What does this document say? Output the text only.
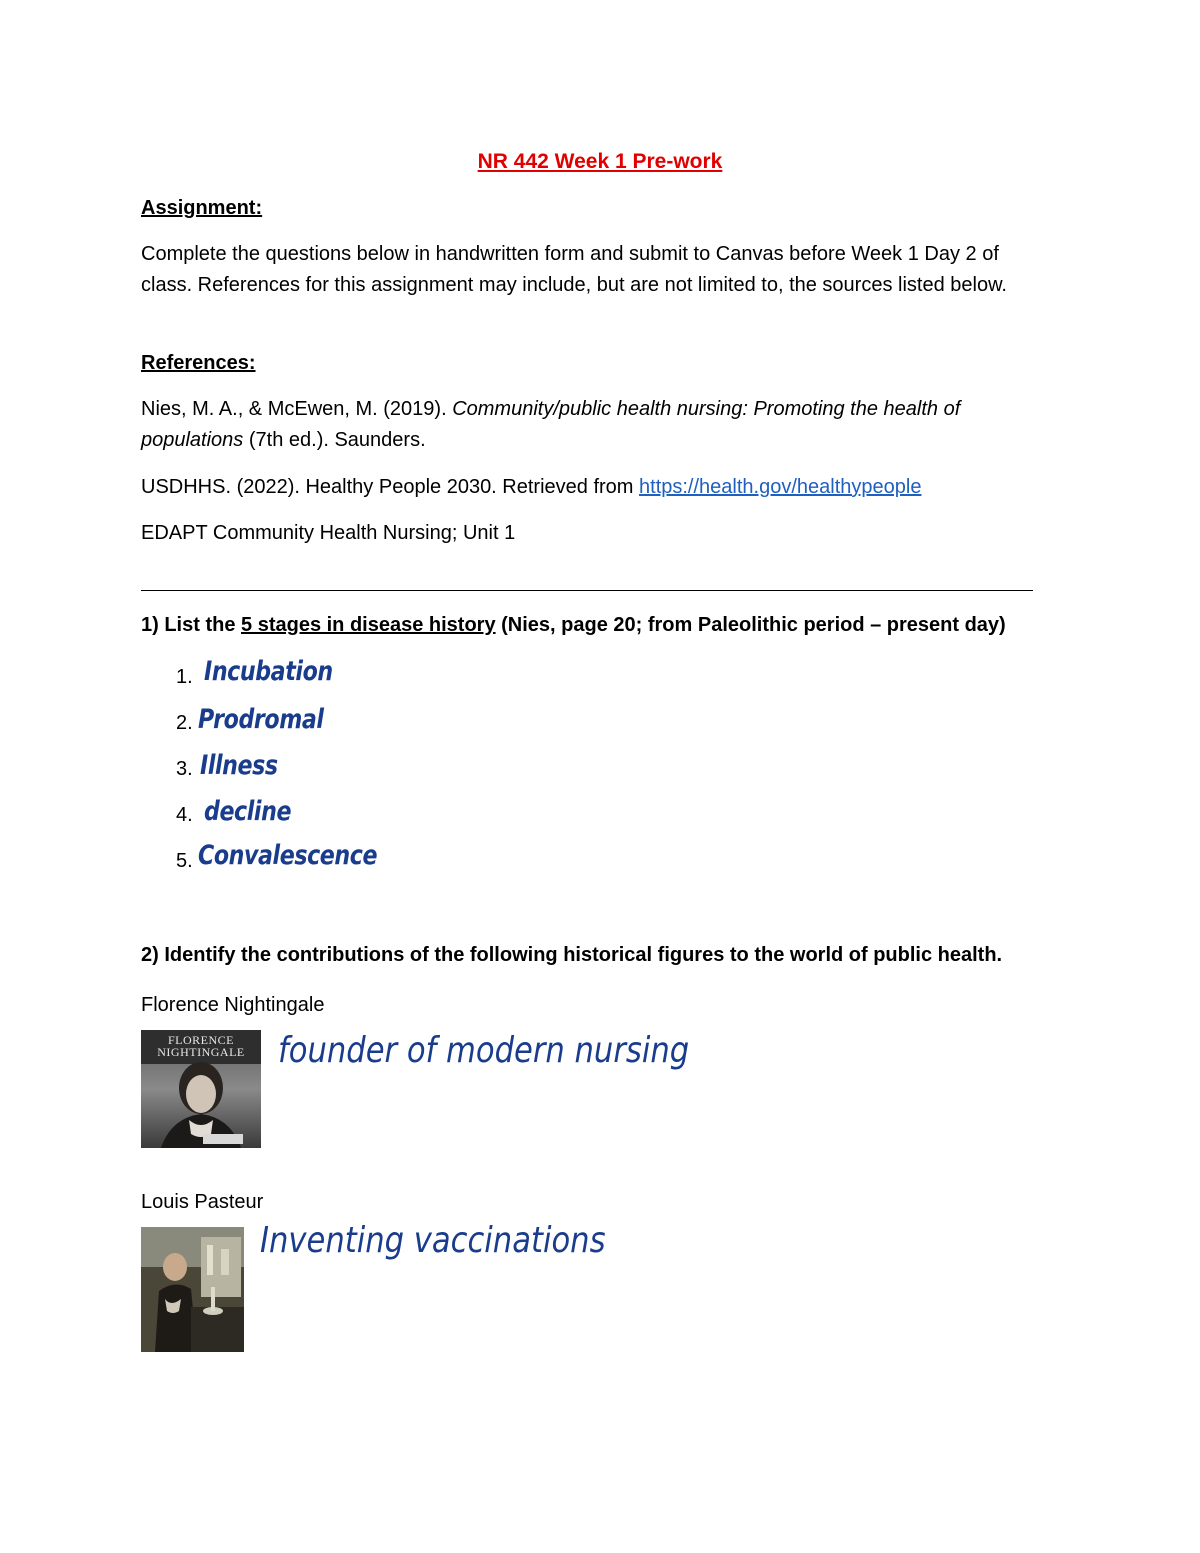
NR 442 Week 1 Pre-work
Assignment:
Complete the questions below in handwritten form and submit to Canvas before Week 1 Day 2 of class. References for this assignment may include, but are not limited to, the sources listed below.
References:
Nies, M. A., & McEwen, M. (2019). Community/public health nursing: Promoting the health of populations (7th ed.). Saunders.
USDHHS. (2022). Healthy People 2030. Retrieved from https://health.gov/healthypeople
EDAPT Community Health Nursing; Unit 1
1) List the 5 stages in disease history (Nies, page 20; from Paleolithic period – present day)
1.
2.
3.
4.
5.
Incubation
Prodromal
Illness
decline
Convalescence
2) Identify the contributions of the following historical figures to the world of public health.
Florence Nightingale
FLORENCE
NIGHTINGALE founder of modern nursing
Louis Pasteur
Inventing vaccinations
